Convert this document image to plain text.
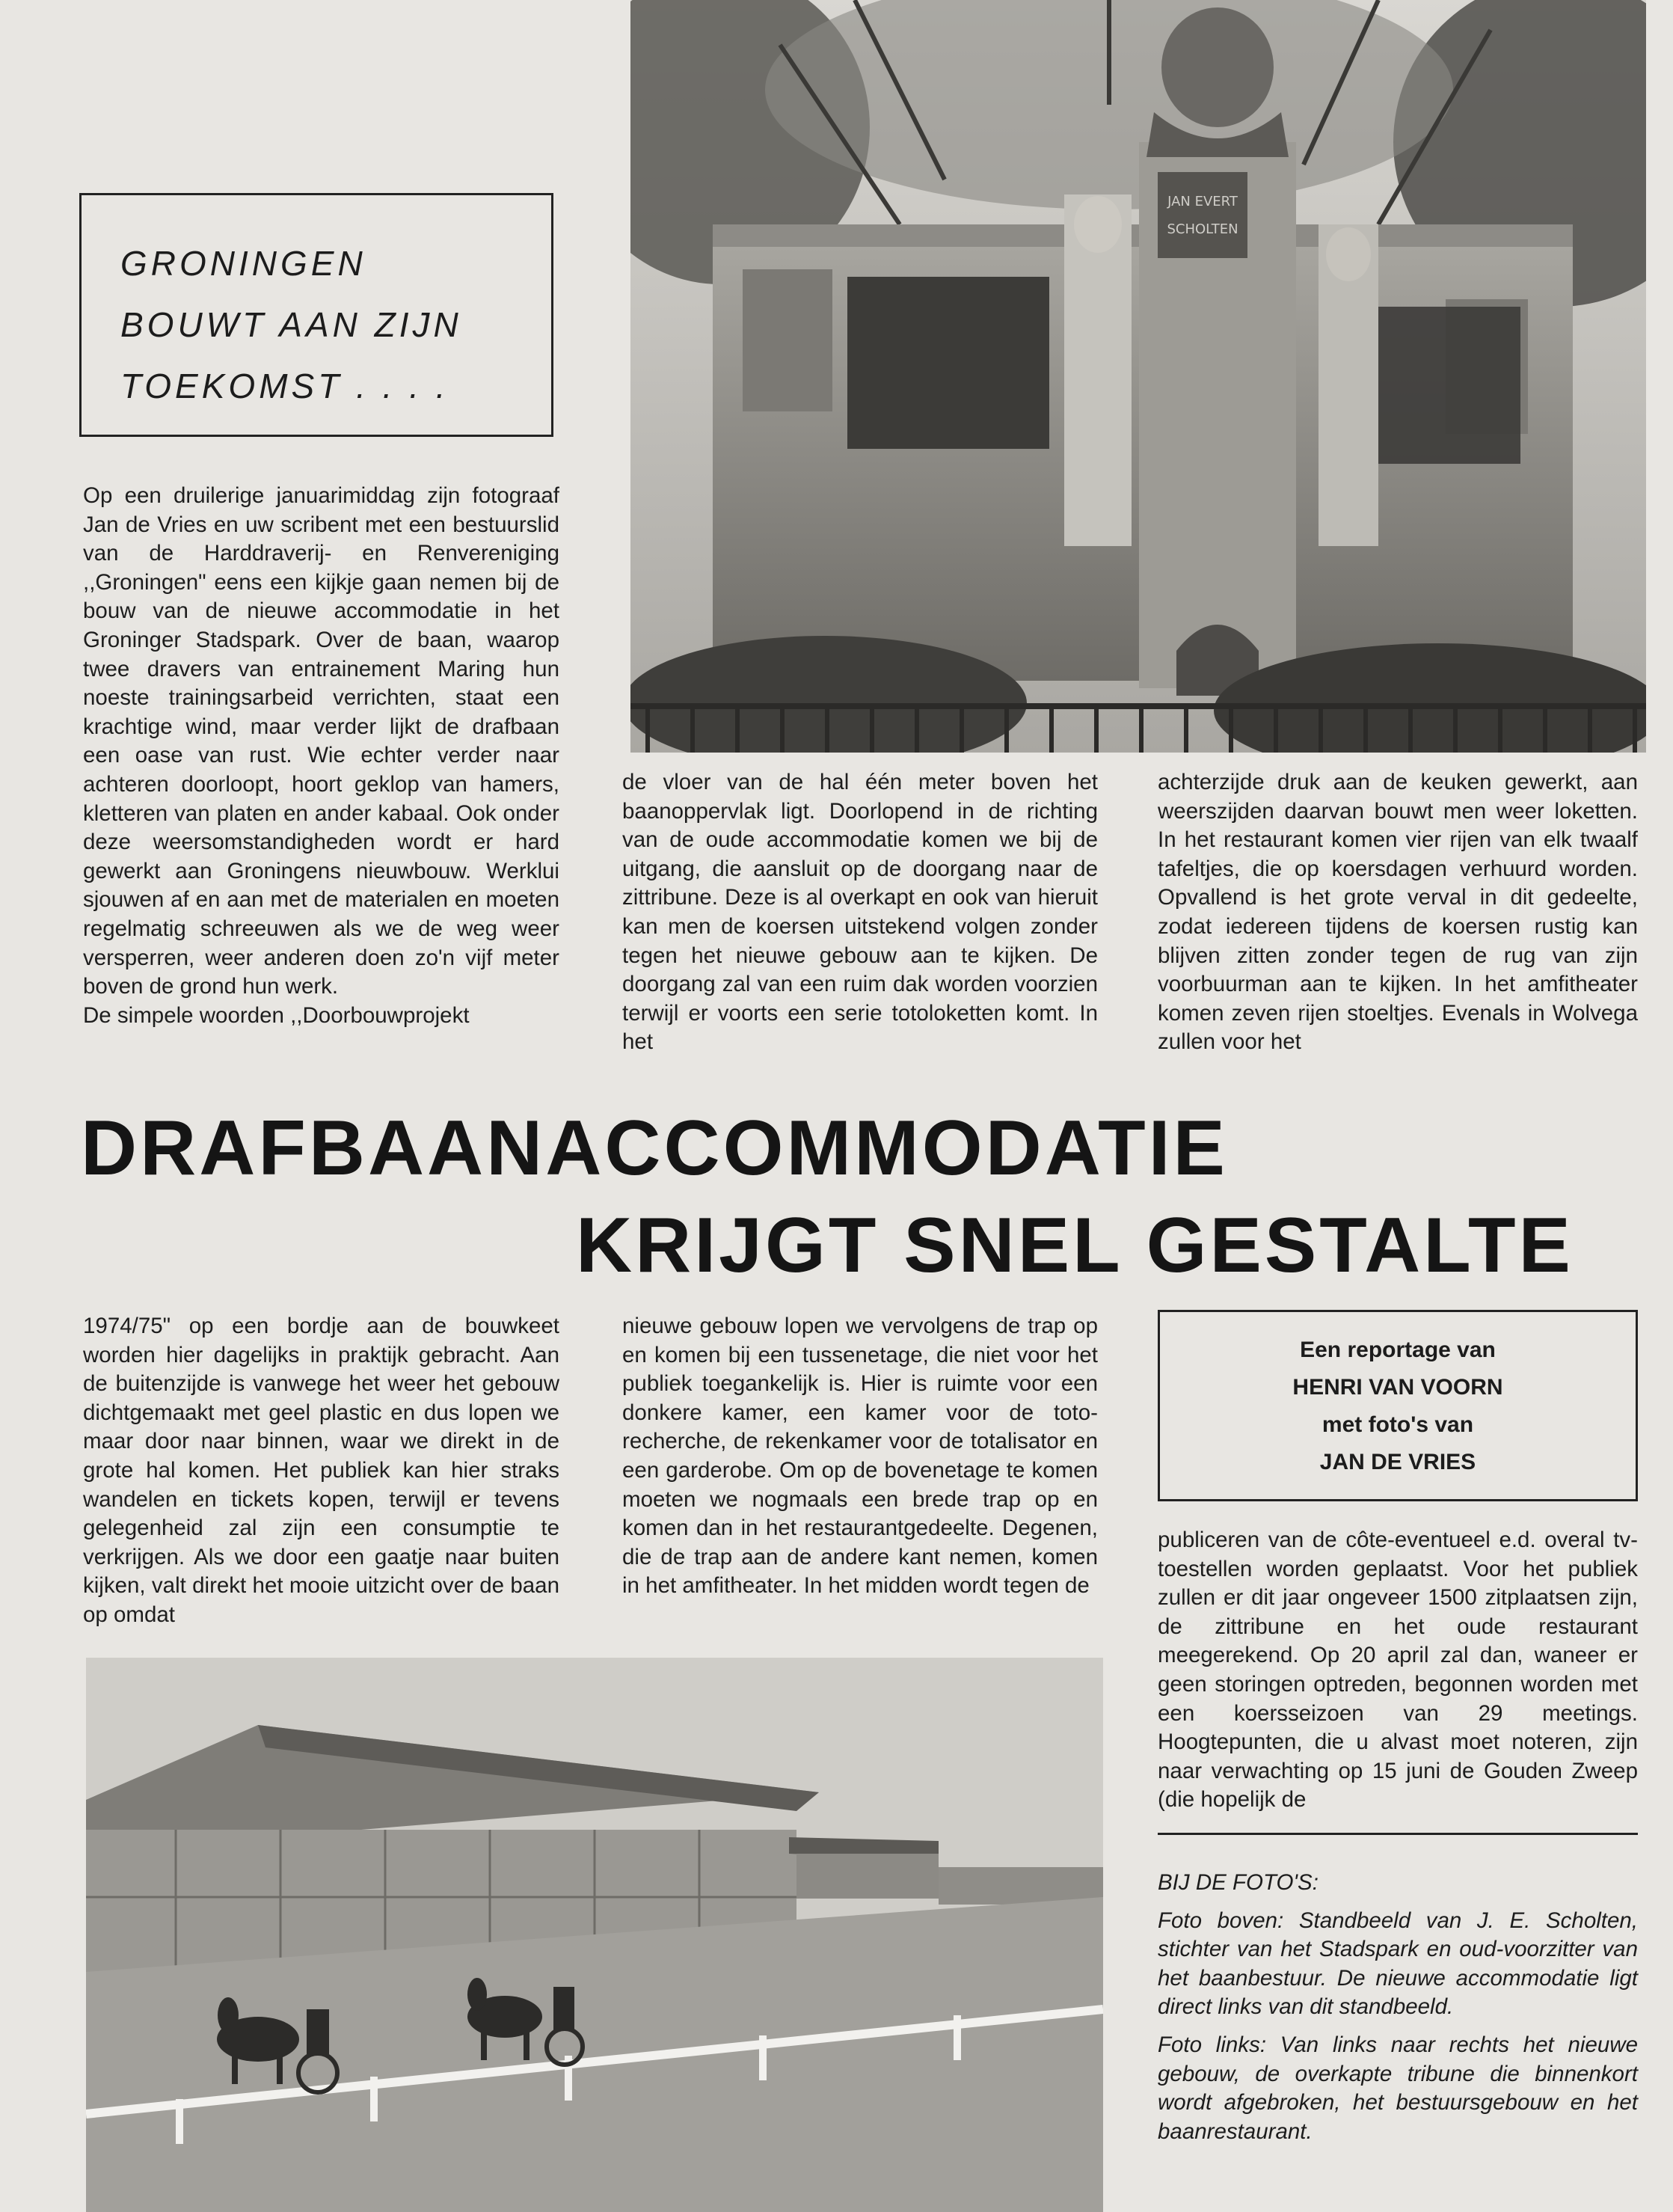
GRONINGEN
BOUWT AAN ZIJN
TOEKOMST . . . .
JAN EVERT
SCHOLTEN

Op een druilerige januarimiddag zijn fotograaf Jan de Vries en uw scribent met een bestuurslid van de Harddraverij- en Renvereniging ,,Groningen" eens een kijkje gaan nemen bij de bouw van de nieuwe accommodatie in het Groninger Stadspark. Over de baan, waarop twee dravers van entrainement Maring hun noeste trainingsarbeid verrichten, staat een krachtige wind, maar verder lijkt de drafbaan een oase van rust. Wie echter verder naar achteren doorloopt, hoort geklop van hamers, kletteren van platen en ander kabaal. Ook onder deze weersomstandigheden wordt er hard gewerkt aan Groningens nieuwbouw. Werklui sjouwen af en aan met de materialen en moeten regelmatig schreeuwen als we de weg weer versperren, weer anderen doen zo'n vijf meter boven de grond hun werk.

De simpele woorden ,,Doorbouwprojekt

de vloer van de hal één meter boven het baanoppervlak ligt. Doorlopend in de richting van de oude accommodatie komen we bij de uitgang, die aansluit op de doorgang naar de zittribune. Deze is al overkapt en ook van hieruit kan men de koersen uitstekend volgen zonder tegen het nieuwe gebouw aan te kijken. De doorgang zal van een ruim dak worden voorzien terwijl er voorts een serie totoloketten komt. In het

achterzijde druk aan de keuken gewerkt, aan weerszijden daarvan bouwt men weer loketten. In het restaurant komen vier rijen van elk twaalf tafeltjes, die op koersdagen verhuurd worden. Opvallend is het grote verval in dit gedeelte, zodat iedereen tijdens de koersen rustig kan blijven zitten zonder tegen de rug van zijn voorbuurman aan te kijken. In het amfitheater komen zeven rijen stoeltjes. Evenals in Wolvega zullen voor het

DRAFBAANACCOMMODATIE
KRIJGT SNEL GESTALTE

1974/75" op een bordje aan de bouwkeet worden hier dagelijks in praktijk gebracht. Aan de buitenzijde is vanwege het weer het gebouw dichtgemaakt met geel plastic en dus lopen we maar door naar binnen, waar we direkt in de grote hal komen. Het publiek kan hier straks wandelen en tickets kopen, terwijl er tevens gelegenheid zal zijn een consumptie te verkrijgen. Als we door een gaatje naar buiten kijken, valt direkt het mooie uitzicht over de baan op omdat

nieuwe gebouw lopen we vervolgens de trap op en komen bij een tussenetage, die niet voor het publiek toegankelijk is. Hier is ruimte voor een donkere kamer, een kamer voor de toto-recherche, de rekenkamer voor de totalisator en een garderobe. Om op de bovenetage te komen moeten we nogmaals een brede trap op en komen dan in het restaurantgedeelte. Degenen, die de trap aan de andere kant nemen, komen in het amfitheater. In het midden wordt tegen de

Een reportage van
HENRI VAN VOORN
met foto's van
JAN DE VRIES

publiceren van de côte-eventueel e.d. overal tv-toestellen worden geplaatst. Voor het publiek zullen er dit jaar ongeveer 1500 zitplaatsen zijn, de zittribune en het oude restaurant meegerekend. Op 20 april zal dan, waneer er geen storingen optreden, begonnen worden met een koersseizoen van 29 meetings. Hoogtepunten, die u alvast moet noteren, zijn naar verwachting op 15 juni de Gouden Zweep (die hopelijk de

BIJ DE FOTO'S:

Foto boven: Standbeeld van J. E. Scholten, stichter van het Stadspark en oud-voorzitter van het baanbestuur. De nieuwe accommodatie ligt direct links van dit standbeeld.

Foto links: Van links naar rechts het nieuwe gebouw, de overkapte tribune die binnenkort wordt afgebroken, het bestuursgebouw en het baanrestaurant.
